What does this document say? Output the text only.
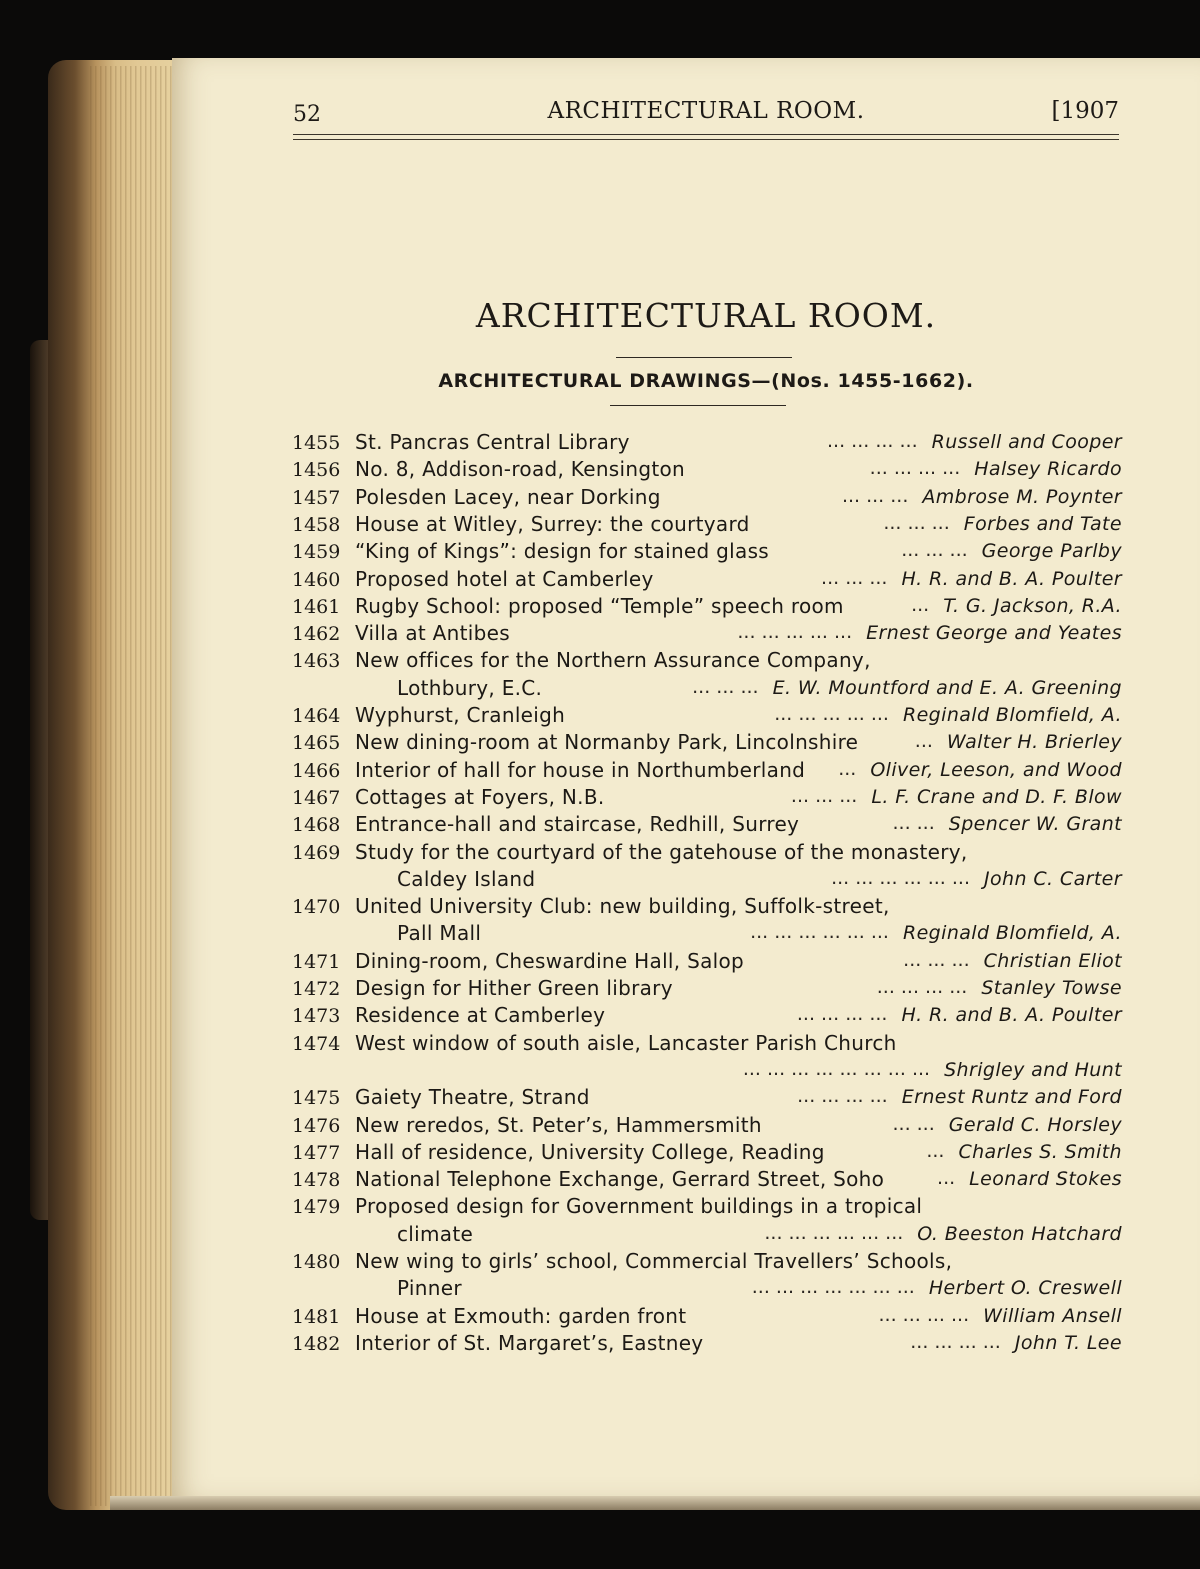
52	ARCHITECTURAL ROOM.	[1907
ARCHITECTURAL ROOM.
ARCHITECTURAL DRAWINGS—(Nos. 1455-1662).
1455 St. Pancras Central Library	Russell and Cooper
... ... ... ...
1456 No. 8, Addison-road, Kensington	Halsey Ricardo
... ... ... ...
1457 Polesden Lacey, near Dorking	Ambrose M. Poynter
... ... ...
1458 House at Witley, Surrey: the courtyard	Forbes and Tate
... ... ...
1459 “King of Kings”: design for stained glass	George Parlby
... ... ...
1460 Proposed hotel at Camberley	H. R. and B. A. Poulter
... ... ...
1461 Rugby School: proposed “Temple” speech room	T. G. Jackson, R.A.
...
1462 Villa at Antibes	Ernest George and Yeates
... ... ... ... ...
1463 New offices for the Northern Assurance Company,
Lothbury, E.C.	E. W. Mountford and E. A. Greening
... ... ...
1464 Wyphurst, Cranleigh	Reginald Blomfield, A.
... ... ... ... ...
1465 New dining-room at Normanby Park, Lincolnshire	Walter H. Brierley
...
1466 Interior of hall for house in Northumberland	Oliver, Leeson, and Wood
...
1467 Cottages at Foyers, N.B.	L. F. Crane and D. F. Blow
... ... ...
1468 Entrance-hall and staircase, Redhill, Surrey	Spencer W. Grant
... ...
1469 Study for the courtyard of the gatehouse of the monastery,
Caldey Island	John C. Carter
... ... ... ... ... ...
1470 United University Club: new building, Suffolk-street,
Pall Mall	Reginald Blomfield, A.
... ... ... ... ... ...
1471 Dining-room, Cheswardine Hall, Salop	Christian Eliot
... ... ...
1472 Design for Hither Green library	Stanley Towse
... ... ... ...
1473 Residence at Camberley	H. R. and B. A. Poulter
... ... ... ...
1474 West window of south aisle, Lancaster Parish Church
Shrigley and Hunt
... ... ... ... ... ... ... ...
1475 Gaiety Theatre, Strand	Ernest Runtz and Ford
... ... ... ...
1476 New reredos, St. Peter’s, Hammersmith	Gerald C. Horsley
... ...
1477 Hall of residence, University College, Reading	Charles S. Smith
...
1478 National Telephone Exchange, Gerrard Street, Soho	Leonard Stokes
...
1479 Proposed design for Government buildings in a tropical
climate	O. Beeston Hatchard
... ... ... ... ... ...
1480 New wing to girls’ school, Commercial Travellers’ Schools,
Pinner	Herbert O. Creswell
... ... ... ... ... ... ...
1481 House at Exmouth: garden front	William Ansell
... ... ... ...
1482 Interior of St. Margaret’s, Eastney	John T. Lee
... ... ... ...
